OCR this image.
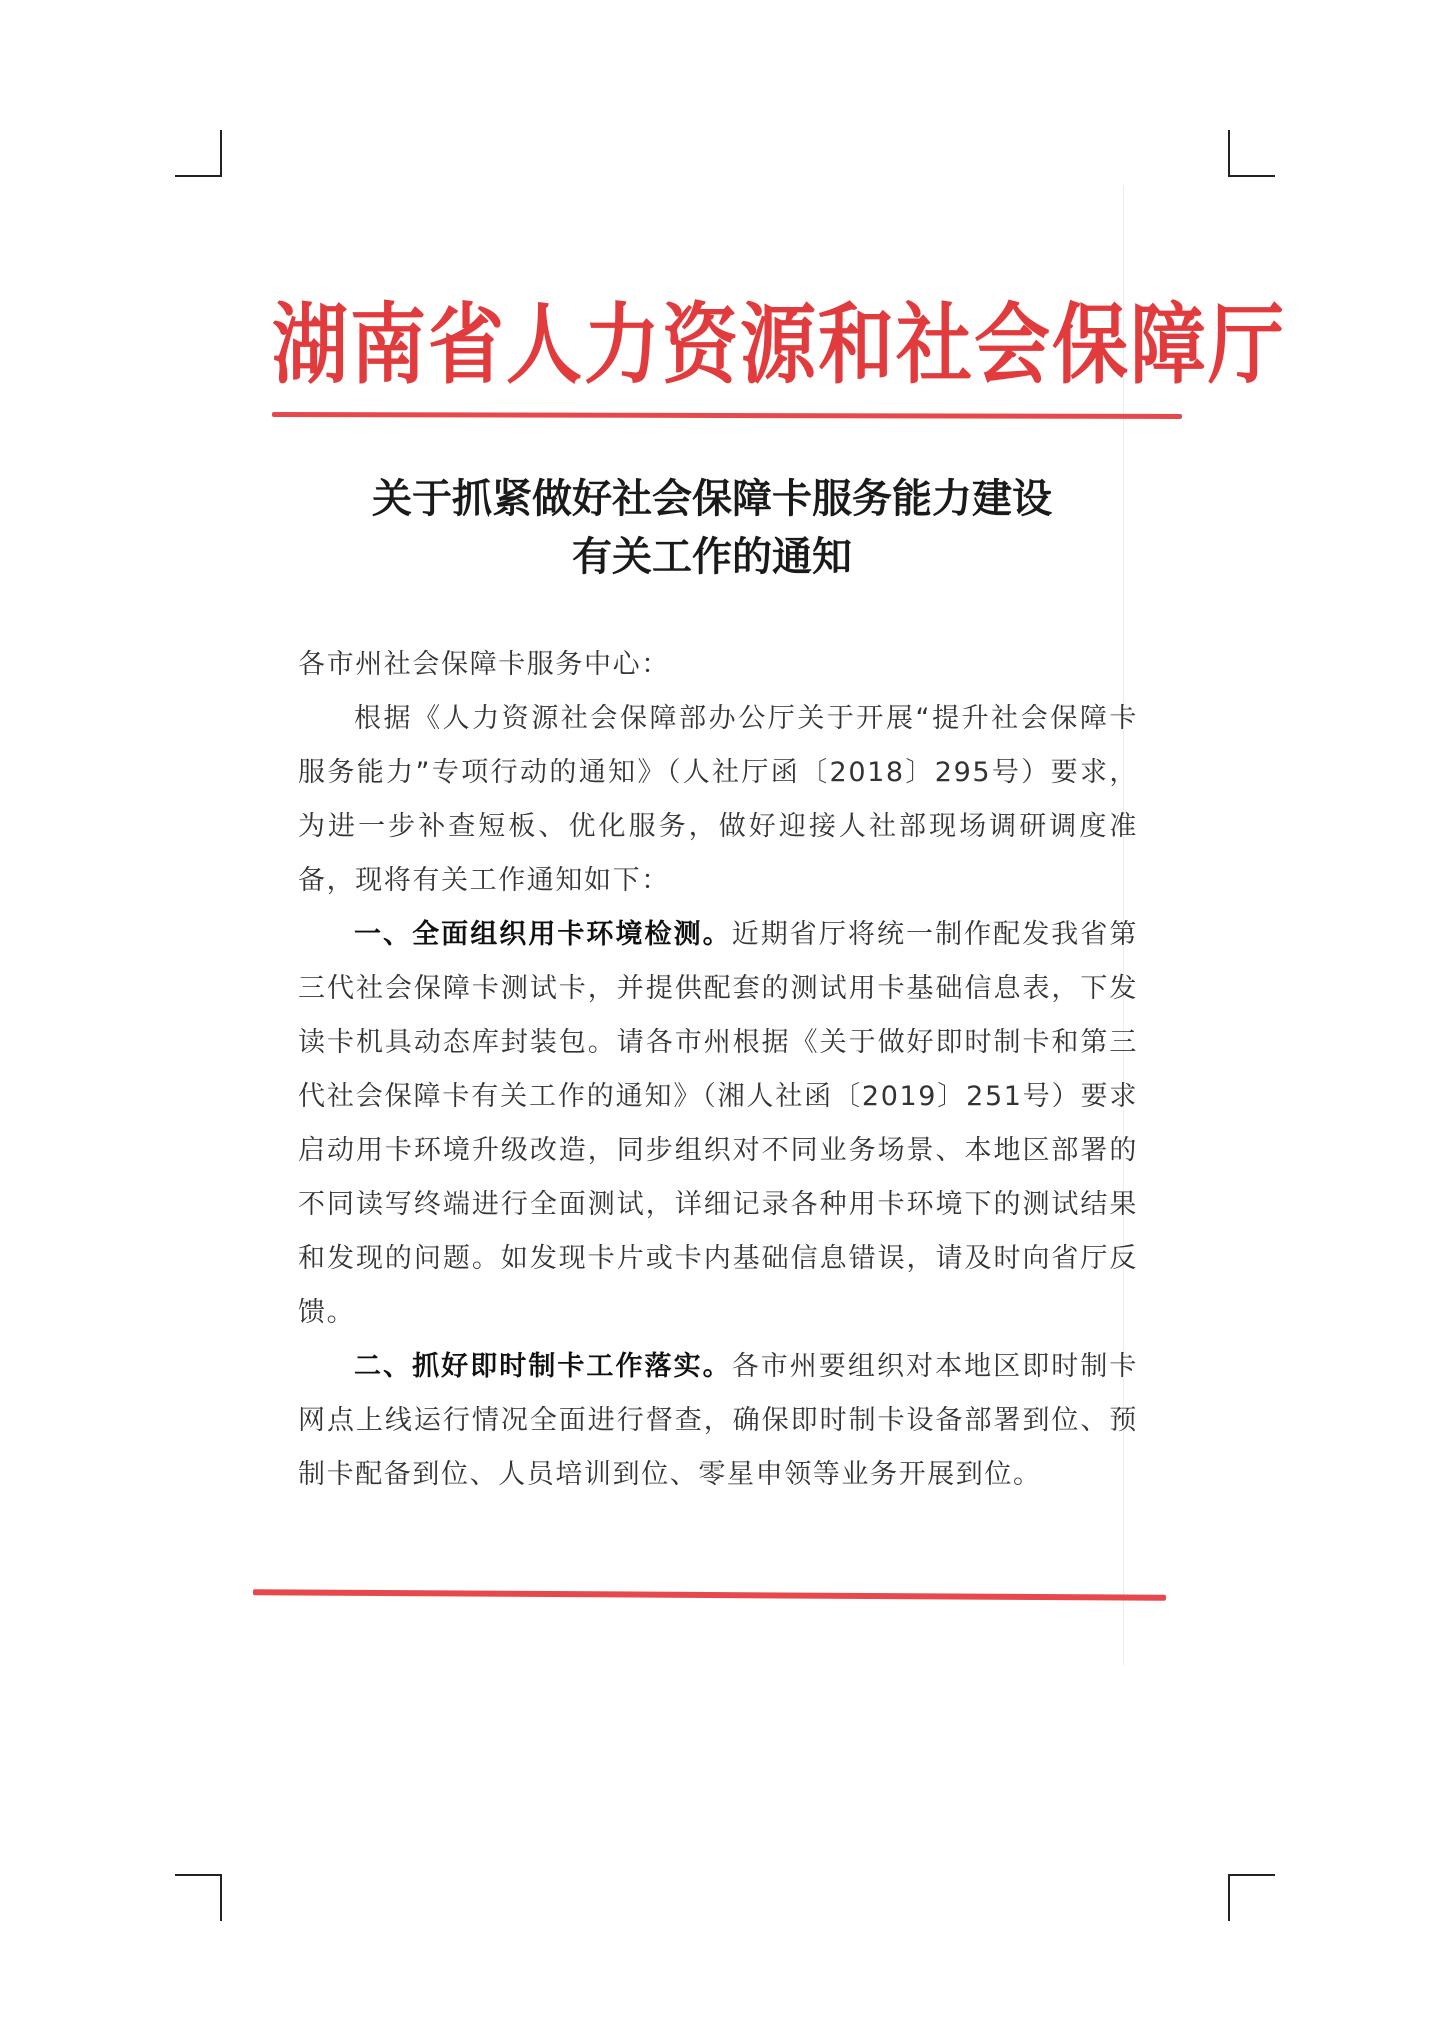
湖南省人力资源和社会保障厅
关于抓紧做好社会保障卡服务能力建设
有关工作的通知

各市州社会保障卡服务中心：

根据《人力资源社会保障部办公厅关于开展“提升社会保障卡服务能力”专项行动的通知》（人社厅函〔2018〕295号）要求，为进一步补查短板、优化服务，做好迎接人社部现场调研调度准备，现将有关工作通知如下：

一、全面组织用卡环境检测。近期省厅将统一制作配发我省第三代社会保障卡测试卡，并提供配套的测试用卡基础信息表，下发读卡机具动态库封装包。请各市州根据《关于做好即时制卡和第三代社会保障卡有关工作的通知》（湘人社函〔2019〕251号）要求启动用卡环境升级改造，同步组织对不同业务场景、本地区部署的不同读写终端进行全面测试，详细记录各种用卡环境下的测试结果和发现的问题。如发现卡片或卡内基础信息错误，请及时向省厅反馈。

二、抓好即时制卡工作落实。各市州要组织对本地区即时制卡网点上线运行情况全面进行督查，确保即时制卡设备部署到位、预制卡配备到位、人员培训到位、零星申领等业务开展到位。
